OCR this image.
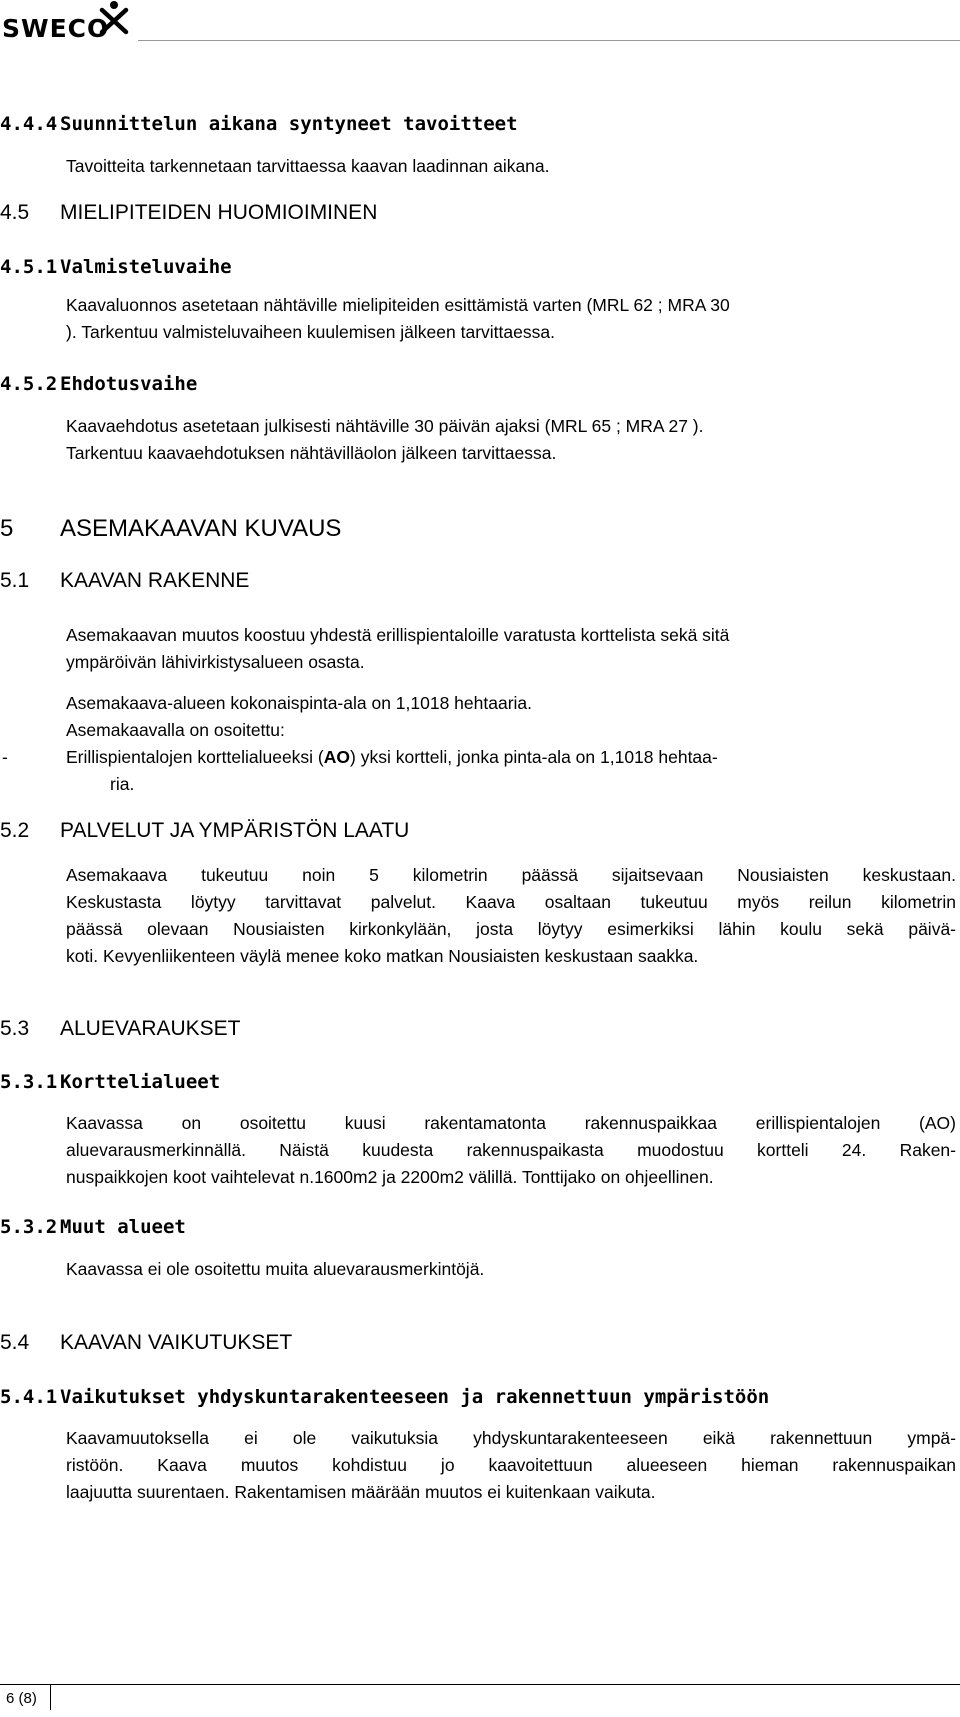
SWECO
4.4.4 Suunnittelun aikana syntyneet tavoitteet
Tavoitteita tarkennetaan tarvittaessa kaavan laadinnan aikana.
4.5 MIELIPITEIDEN HUOMIOIMINEN
4.5.1 Valmisteluvaihe
Kaavaluonnos asetetaan nähtäville mielipiteiden esittämistä varten (MRL 62 ; MRA 30
). Tarkentuu valmisteluvaiheen kuulemisen jälkeen tarvittaessa.
4.5.2 Ehdotusvaihe
Kaavaehdotus asetetaan julkisesti nähtäville 30 päivän ajaksi (MRL 65 ; MRA 27 ).
Tarkentuu kaavaehdotuksen nähtävilläolon jälkeen tarvittaessa.
5 ASEMAKAAVAN KUVAUS
5.1 KAAVAN RAKENNE
Asemakaavan muutos koostuu yhdestä erillispientaloille varatusta korttelista sekä sitä
ympäröivän lähivirkistysalueen osasta.
Asemakaava-alueen kokonaispinta-ala on 1,1018 hehtaaria.
Asemakaavalla on osoitettu:
-	Erillispientalojen korttelialueeksi (AO) yksi kortteli, jonka pinta-ala on 1,1018 hehtaa-
ria.
5.2 PALVELUT JA YMPÄRISTÖN LAATU
Asemakaava tukeutuu noin 5 kilometrin päässä sijaitsevaan Nousiaisten keskustaan.
Keskustasta löytyy tarvittavat palvelut. Kaava osaltaan tukeutuu myös reilun kilometrin
päässä olevaan Nousiaisten kirkonkylään, josta löytyy esimerkiksi lähin koulu sekä päivä-
koti. Kevyenliikenteen väylä menee koko matkan Nousiaisten keskustaan saakka.
5.3 ALUEVARAUKSET
5.3.1 Korttelialueet
Kaavassa on osoitettu kuusi rakentamatonta rakennuspaikkaa erillispientalojen (AO)
aluevarausmerkinnällä. Näistä kuudesta rakennuspaikasta muodostuu kortteli 24. Raken-
nuspaikkojen koot vaihtelevat n.1600m2 ja 2200m2 välillä. Tonttijako on ohjeellinen.
5.3.2 Muut alueet
Kaavassa ei ole osoitettu muita aluevarausmerkintöjä.
5.4 KAAVAN VAIKUTUKSET
5.4.1 Vaikutukset yhdyskuntarakenteeseen ja rakennettuun ympäristöön
Kaavamuutoksella ei ole vaikutuksia yhdyskuntarakenteeseen eikä rakennettuun ympä-
ristöön. Kaava muutos kohdistuu jo kaavoitettuun alueeseen hieman rakennuspaikan
laajuutta suurentaen. Rakentamisen määrään muutos ei kuitenkaan vaikuta.
6 (8)
